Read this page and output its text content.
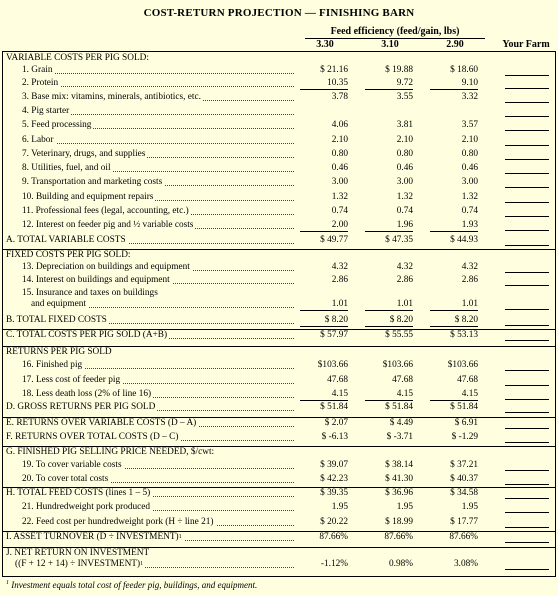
COST-RETURN PROJECTION — FINISHING BARN
Feed efficiency (feed/gain, lbs)
3.30	3.10	2.90	Your Farm
VARIABLE COSTS PER PIG SOLD:
1. Grain	$ 21.16	$ 19.88	$ 18.60
2. Protein	10.35	9.72	9.10
3. Base mix: vitamins, minerals, antibiotics, etc.	3.78	3.55	3.32
4. Pig starter
5. Feed processing	4.06	3.81	3.57
6. Labor	2.10	2.10	2.10
7. Veterinary, drugs, and supplies	0.80	0.80	0.80
8. Utilities, fuel, and oil	0.46	0.46	0.46
9. Transportation and marketing costs	3.00	3.00	3.00
10. Building and equipment repairs	1.32	1.32	1.32
11. Professional fees (legal, accounting, etc.)	0.74	0.74	0.74
12. Interest on feeder pig and ½ variable costs	2.00	1.96	1.93
A. TOTAL VARIABLE COSTS	$ 49.77	$ 47.35	$ 44.93
FIXED COSTS PER PIG SOLD:
13. Depreciation on buildings and equipment	4.32	4.32	4.32
14. Interest on buildings and equipment	2.86	2.86	2.86
15. Insurance and taxes on buildings
and equipment	1.01	1.01	1.01
B. TOTAL FIXED COSTS	$ 8.20	$ 8.20	$ 8.20
C. TOTAL COSTS PER PIG SOLD (A+B)	$ 57.97	$ 55.55	$ 53.13
RETURNS PER PIG SOLD
16. Finished pig	$103.66	$103.66	$103.66
17. Less cost of feeder pig	47.68	47.68	47.68
18. Less death loss (2% of line 16)	4.15	4.15	4.15
D. GROSS RETURNS PER PIG SOLD	$ 51.84	$ 51.84	$ 51.84
E. RETURNS OVER VARIABLE COSTS (D – A)	$ 2.07	$ 4.49	$ 6.91
F. RETURNS OVER TOTAL COSTS (D – C)	$ -6.13	$ -3.71	$ -1.29
G. FINISHED PIG SELLING PRICE NEEDED, $/cwt:
19. To cover variable costs	$ 39.07	$ 38.14	$ 37.21
20. To cover total costs	$ 42.23	$ 41.30	$ 40.37
H. TOTAL FEED COSTS (lines 1 – 5)	$ 39.35	$ 36.96	$ 34.58
21. Hundredweight pork produced	1.95	1.95	1.95
22. Feed cost per hundredweight pork (H ÷ line 21)	$ 20.22	$ 18.99	$ 17.77
I. ASSET TURNOVER (D ÷ INVESTMENT)$^1$	87.66%	87.66%	87.66%
J. NET RETURN ON INVESTMENT
((F + 12 + 14) ÷ INVESTMENT)$^1$	-1.12%	0.98%	3.08%
$^1$ Investment equals total cost of feeder pig, buildings, and equipment.
